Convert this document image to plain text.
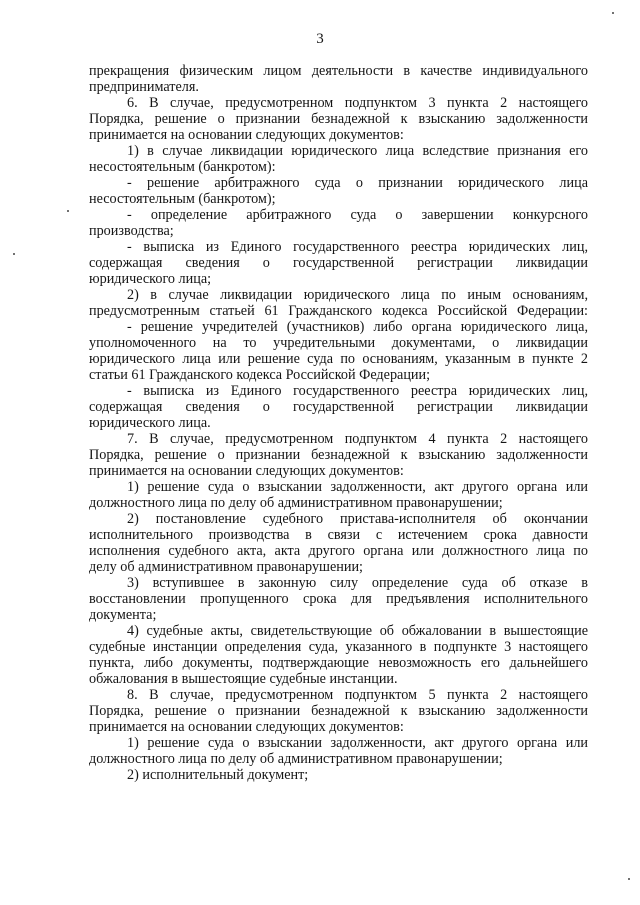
3
прекращения физическим лицом деятельности в качестве индивидуального
предпринимателя.
6. В случае, предусмотренном подпунктом 3 пункта 2 настоящего
Порядка, решение о признании безнадежной к взысканию задолженности
принимается на основании следующих документов:
1) в случае ликвидации юридического лица вследствие признания его
несостоятельным (банкротом):
- решение арбитражного суда о признании юридического лица
несостоятельным (банкротом);
- определение арбитражного суда о завершении конкурсного
производства;
- выписка из Единого государственного реестра юридических лиц,
содержащая сведения о государственной регистрации ликвидации
юридического лица;
2) в случае ликвидации юридического лица по иным основаниям,
предусмотренным статьей 61 Гражданского кодекса Российской Федерации:
- решение учредителей (участников) либо органа юридического лица,
уполномоченного на то учредительными документами, о ликвидации
юридического лица или решение суда по основаниям, указанным в пункте 2
статьи 61 Гражданского кодекса Российской Федерации;
- выписка из Единого государственного реестра юридических лиц,
содержащая сведения о государственной регистрации ликвидации
юридического лица.
7. В случае, предусмотренном подпунктом 4 пункта 2 настоящего
Порядка, решение о признании безнадежной к взысканию задолженности
принимается на основании следующих документов:
1) решение суда о взыскании задолженности, акт другого органа или
должностного лица по делу об административном правонарушении;
2) постановление судебного пристава-исполнителя об окончании
исполнительного производства в связи с истечением срока давности
исполнения судебного акта, акта другого органа или должностного лица по
делу об административном правонарушении;
3) вступившее в законную силу определение суда об отказе в
восстановлении пропущенного срока для предъявления исполнительного
документа;
4) судебные акты, свидетельствующие об обжаловании в вышестоящие
судебные инстанции определения суда, указанного в подпункте 3 настоящего
пункта, либо документы, подтверждающие невозможность его дальнейшего
обжалования в вышестоящие судебные инстанции.
8. В случае, предусмотренном подпунктом 5 пункта 2 настоящего
Порядка, решение о признании безнадежной к взысканию задолженности
принимается на основании следующих документов:
1) решение суда о взыскании задолженности, акт другого органа или
должностного лица по делу об административном правонарушении;
2) исполнительный документ;
